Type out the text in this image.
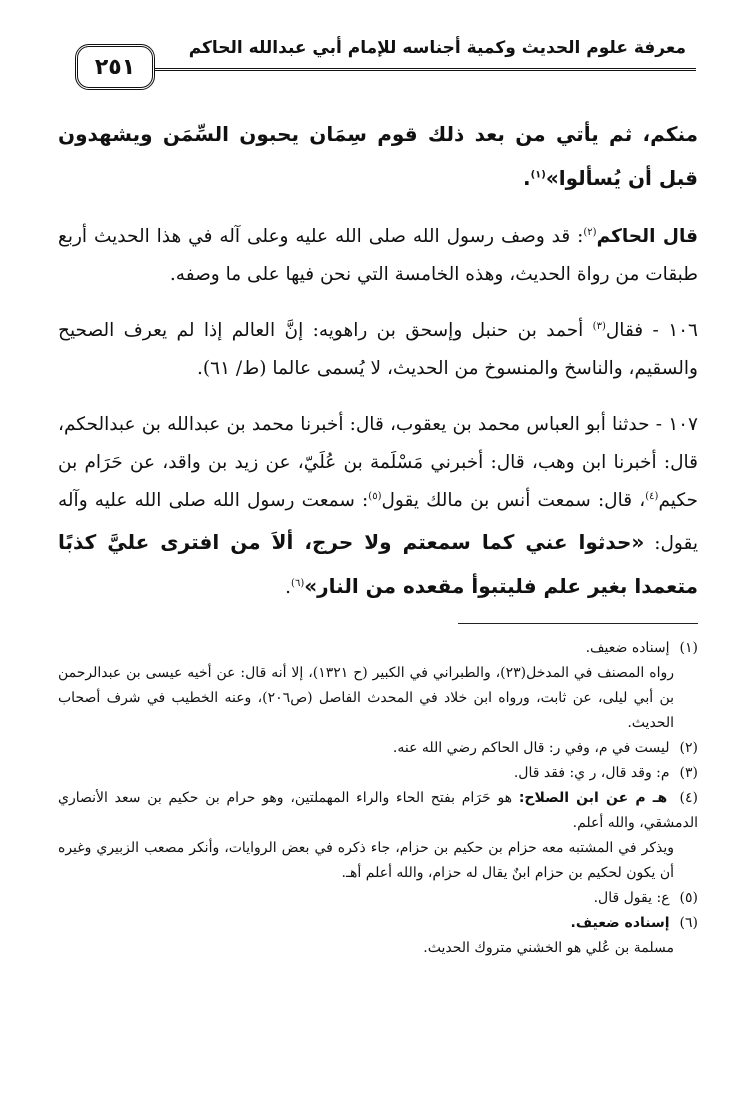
معرفة علوم الحديث وكمية أجناسه للإمام أبي عبدالله الحاكم
٢٥١

منكم، ثم يأتي من بعد ذلك قوم سِمَان يحبون السِّمَن ويشهدون قبل أن يُسألوا»$^{(١)}$.

قال الحاكم$^{(٢)}$: قد وصف رسول الله صلى الله عليه وعلى آله في هذا الحديث أربع طبقات من رواة الحديث، وهذه الخامسة التي نحن فيها على ما وصفه.

١٠٦ - فقال$^{(٣)}$ أحمد بن حنبل وإسحق بن راهويه: إنَّ العالم إذا لم يعرف الصحيح والسقيم، والناسخ والمنسوخ من الحديث، لا يُسمى عالما (ط/ ٦١).

١٠٧ - حدثنا أبو العباس محمد بن يعقوب، قال: أخبرنا محمد بن عبدالله بن عبدالحكم، قال: أخبرنا ابن وهب، قال: أخبرني مَسْلَمة بن عُلَيّ، عن زيد بن واقد، عن حَرَام بن حكيم$^{(٤)}$، قال: سمعت أنس بن مالك يقول$^{(٥)}$: سمعت رسول الله صلى الله عليه وآله يقول: «حدثوا عني كما سمعتم ولا حرج، ألاَ من افترى عليَّ كذبًا متعمدا بغير علم فليتبوأ مقعده من النار»$^{(٦)}$.

(١) إسناده ضعيف.

رواه المصنف في المدخل(٢٣)، والطبراني في الكبير (ح ١٣٢١)، إلا أنه قال: عن أخيه عيسى بن عبدالرحمن بن أبي ليلى، عن ثابت، ورواه ابن خلاد في المحدث الفاصل (ص٢٠٦)، وعنه الخطيب في شرف أصحاب الحديث.

(٢) ليست في م، وفي ر: قال الحاكم رضي الله عنه.

(٣) م: وقد قال، ر ي: فقد قال.

(٤) هـ م عن ابن الصلاح: هو حَرَام بفتح الحاء والراء المهملتين، وهو حرام بن حكيم بن سعد الأنصاري الدمشقي، والله أعلم.

ويذكر في المشتبه معه حزام بن حكيم بن حزام، جاء ذكره في بعض الروايات، وأنكر مصعب الزبيري وغيره أن يكون لحكيم بن حزام ابنٌ يقال له حزام، والله أعلم أهـ.

(٥) ع: يقول قال.

(٦) إسناده ضعيف.

مسلمة بن عُلي هو الخشني متروك الحديث.
